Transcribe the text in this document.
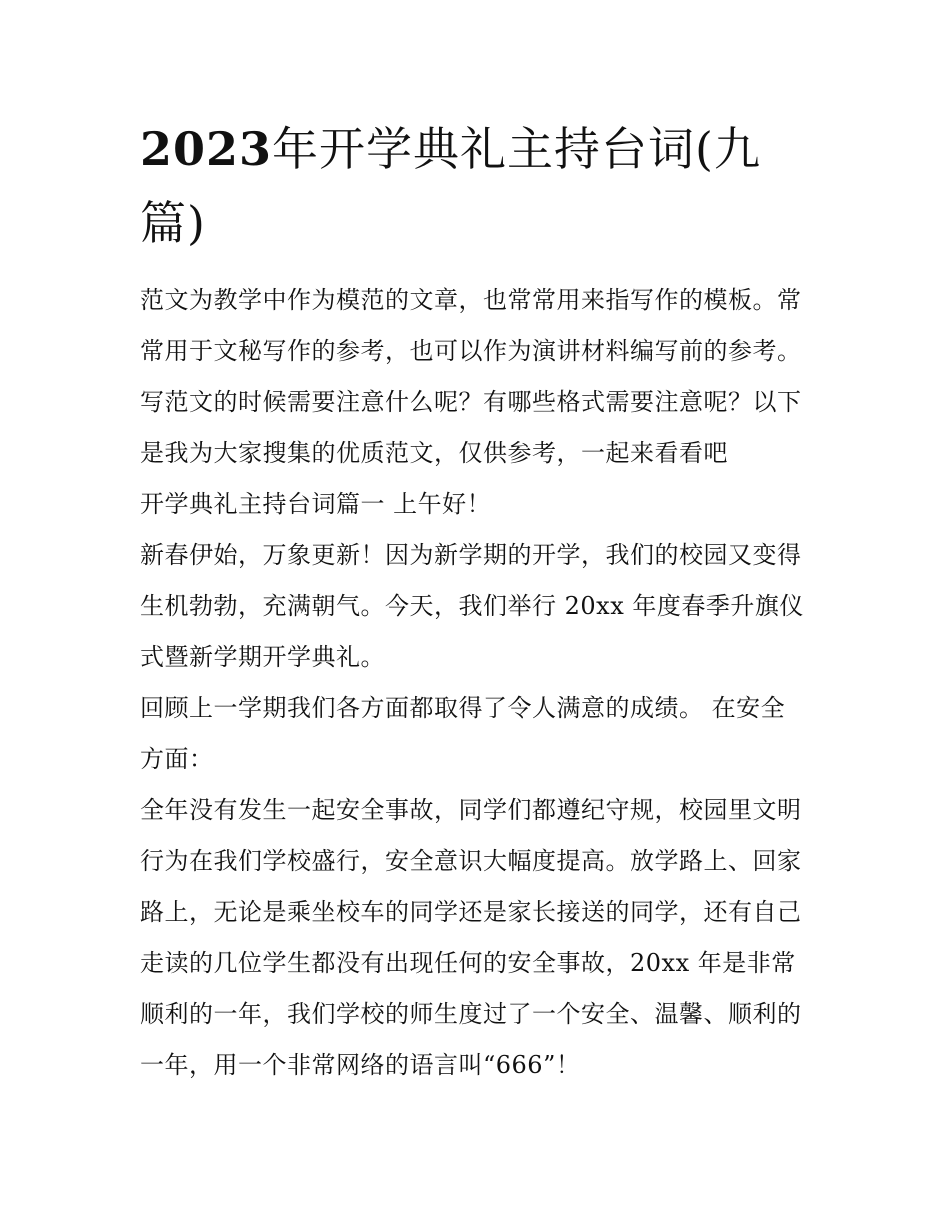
2023年开学典礼主持台词(九
篇)

范文为教学中作为模范的文章，也常常用来指写作的模板。常

常用于文秘写作的参考，也可以作为演讲材料编写前的参考。

写范文的时候需要注意什么呢？有哪些格式需要注意呢？以下

是我为大家搜集的优质范文，仅供参考，一起来看看吧

开学典礼主持台词篇一 上午好！

新春伊始，万象更新！因为新学期的开学，我们的校园又变得

生机勃勃，充满朝气。今天，我们举行 20xx 年度春季升旗仪

式暨新学期开学典礼。

回顾上一学期我们各方面都取得了令人满意的成绩。 在安全

方面：

全年没有发生一起安全事故，同学们都遵纪守规，校园里文明

行为在我们学校盛行，安全意识大幅度提高。放学路上、回家

路上，无论是乘坐校车的同学还是家长接送的同学，还有自己

走读的几位学生都没有出现任何的安全事故，20xx 年是非常

顺利的一年，我们学校的师生度过了一个安全、温馨、顺利的

一年，用一个非常网络的语言叫“666”！
